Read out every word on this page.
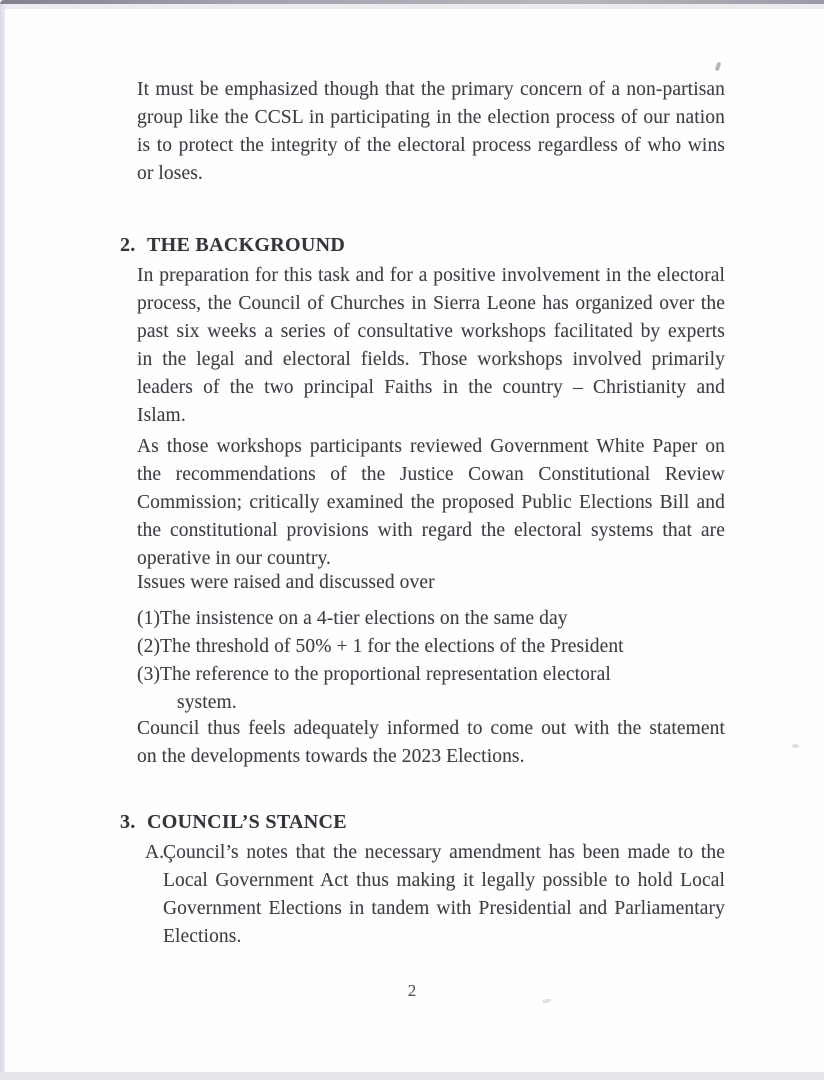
It must be emphasized though that the primary concern of a non-partisan
group like the CCSL in participating in the election process of our nation
is to protect the integrity of the electoral process regardless of who wins
or loses.

2. THE BACKGROUND

In preparation for this task and for a positive involvement in the electoral
process, the Council of Churches in Sierra Leone has organized over the
past six weeks a series of consultative workshops facilitated by experts
in the legal and electoral fields. Those workshops involved primarily
leaders of the two principal Faiths in the country – Christianity and
Islam.

As those workshops participants reviewed Government White Paper on
the recommendations of the Justice Cowan Constitutional Review
Commission; critically examined the proposed Public Elections Bill and
the constitutional provisions with regard the electoral systems that are
operative in our country.

Issues were raised and discussed over

(1)The insistence on a 4-tier elections on the same day
(2)The threshold of 50% + 1 for the elections of the President
(3)The reference to the proportional representation electoral
system.

Council thus feels adequately informed to come out with the statement
on the developments towards the 2023 Elections.

3. COUNCIL’S STANCE
A.
Çouncil’s notes that the necessary amendment has been made to the
Local Government Act thus making it legally possible to hold Local
Government Elections in tandem with Presidential and Parliamentary
Elections.
2
